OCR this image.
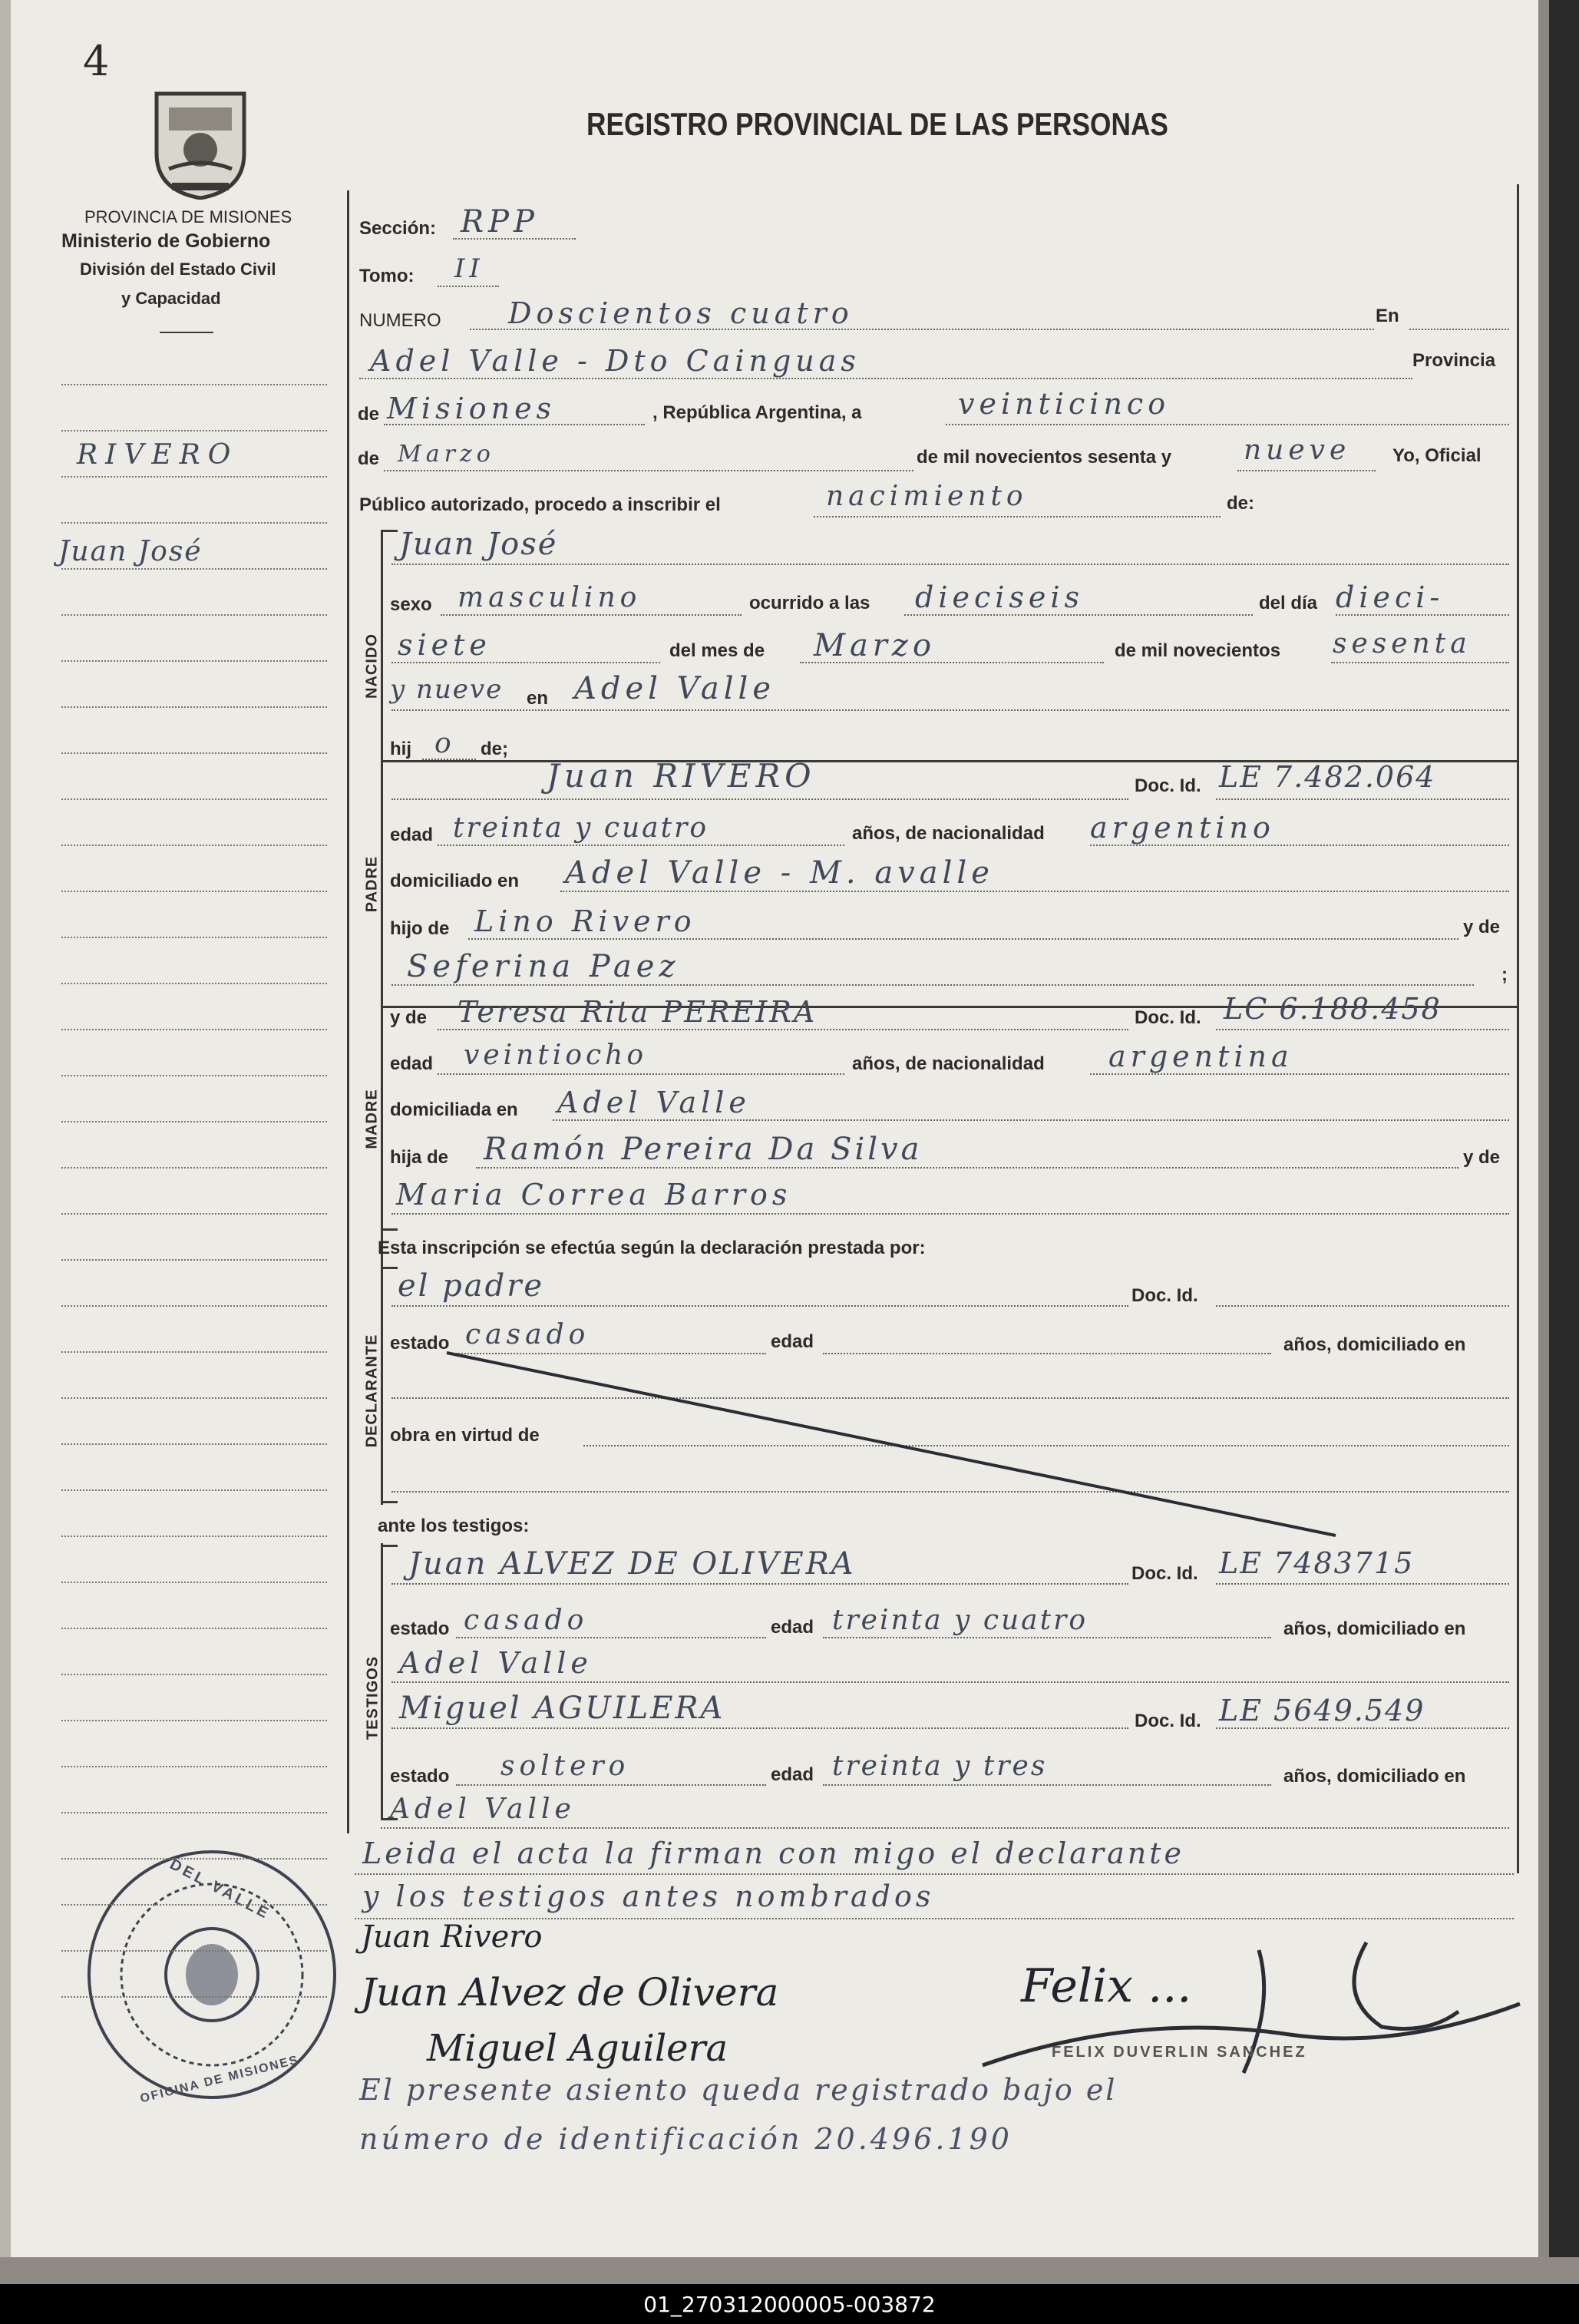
4
PROVINCIA DE MISIONES
Ministerio de Gobierno
División del Estado Civil
y Capacidad
REGISTRO PROVINCIAL DE LAS PERSONAS
RIVERO
Juan José
NACIDO
PADRE
MADRE
DECLARANTE
TESTIGOS
Sección: RPP
Tomo: II
NUMERO Doscientos cuatro	En
Adel Valle - Dto Cainguas	Provincia
de Misiones	, República Argentina, a	veinticinco
de Marzo	de mil novecientos sesenta y	nueve Yo, Oficial
Público autorizado, procedo a inscribir el	nacimiento	de:
Juan José
sexo masculino	ocurrido a las dieciseis	del día dieci-
siete	del mes de Marzo	de mil novecientos sesenta
y nueve en Adel Valle
hij o de;
Juan RIVERO	Doc. Id. LE 7.482.064
edad treinta y cuatro	años, de nacionalidad argentino
domiciliado en Adel Valle - M. avalle
hijo de Lino Rivero	y de
Seferina Paez	;
y de Teresa Rita PEREIRA	Doc. Id. LC 6.188.458
edad veintiocho	años, de nacionalidad argentina
domiciliada en Adel Valle
hija de Ramón Pereira Da Silva	y de
Maria Correa Barros
Esta inscripción se efectúa según la declaración prestada por:
el padre	Doc. Id.
estado casado	edad	años, domiciliado en
obra en virtud de
ante los testigos:
Juan ALVEZ DE OLIVERA	Doc. Id. LE 7483715
estado casado	edad treinta y cuatro	años, domiciliado en
Adel Valle
Miguel AGUILERA	Doc. Id. LE 5649.549
estado soltero	edad treinta y tres	años, domiciliado en
Adel Valle
Leida el acta la firman con migo el declarante
y los testigos antes nombrados
Juan Rivero
Juan Alvez de Olivera
Miguel Aguilera
Felix ...
FELIX DUVERLIN SANCHEZ
El presente asiento queda registrado bajo el
número de identificación 20.496.190
DEL VALLE
OFICINA DE MISIONES
01_270312000005-003872
